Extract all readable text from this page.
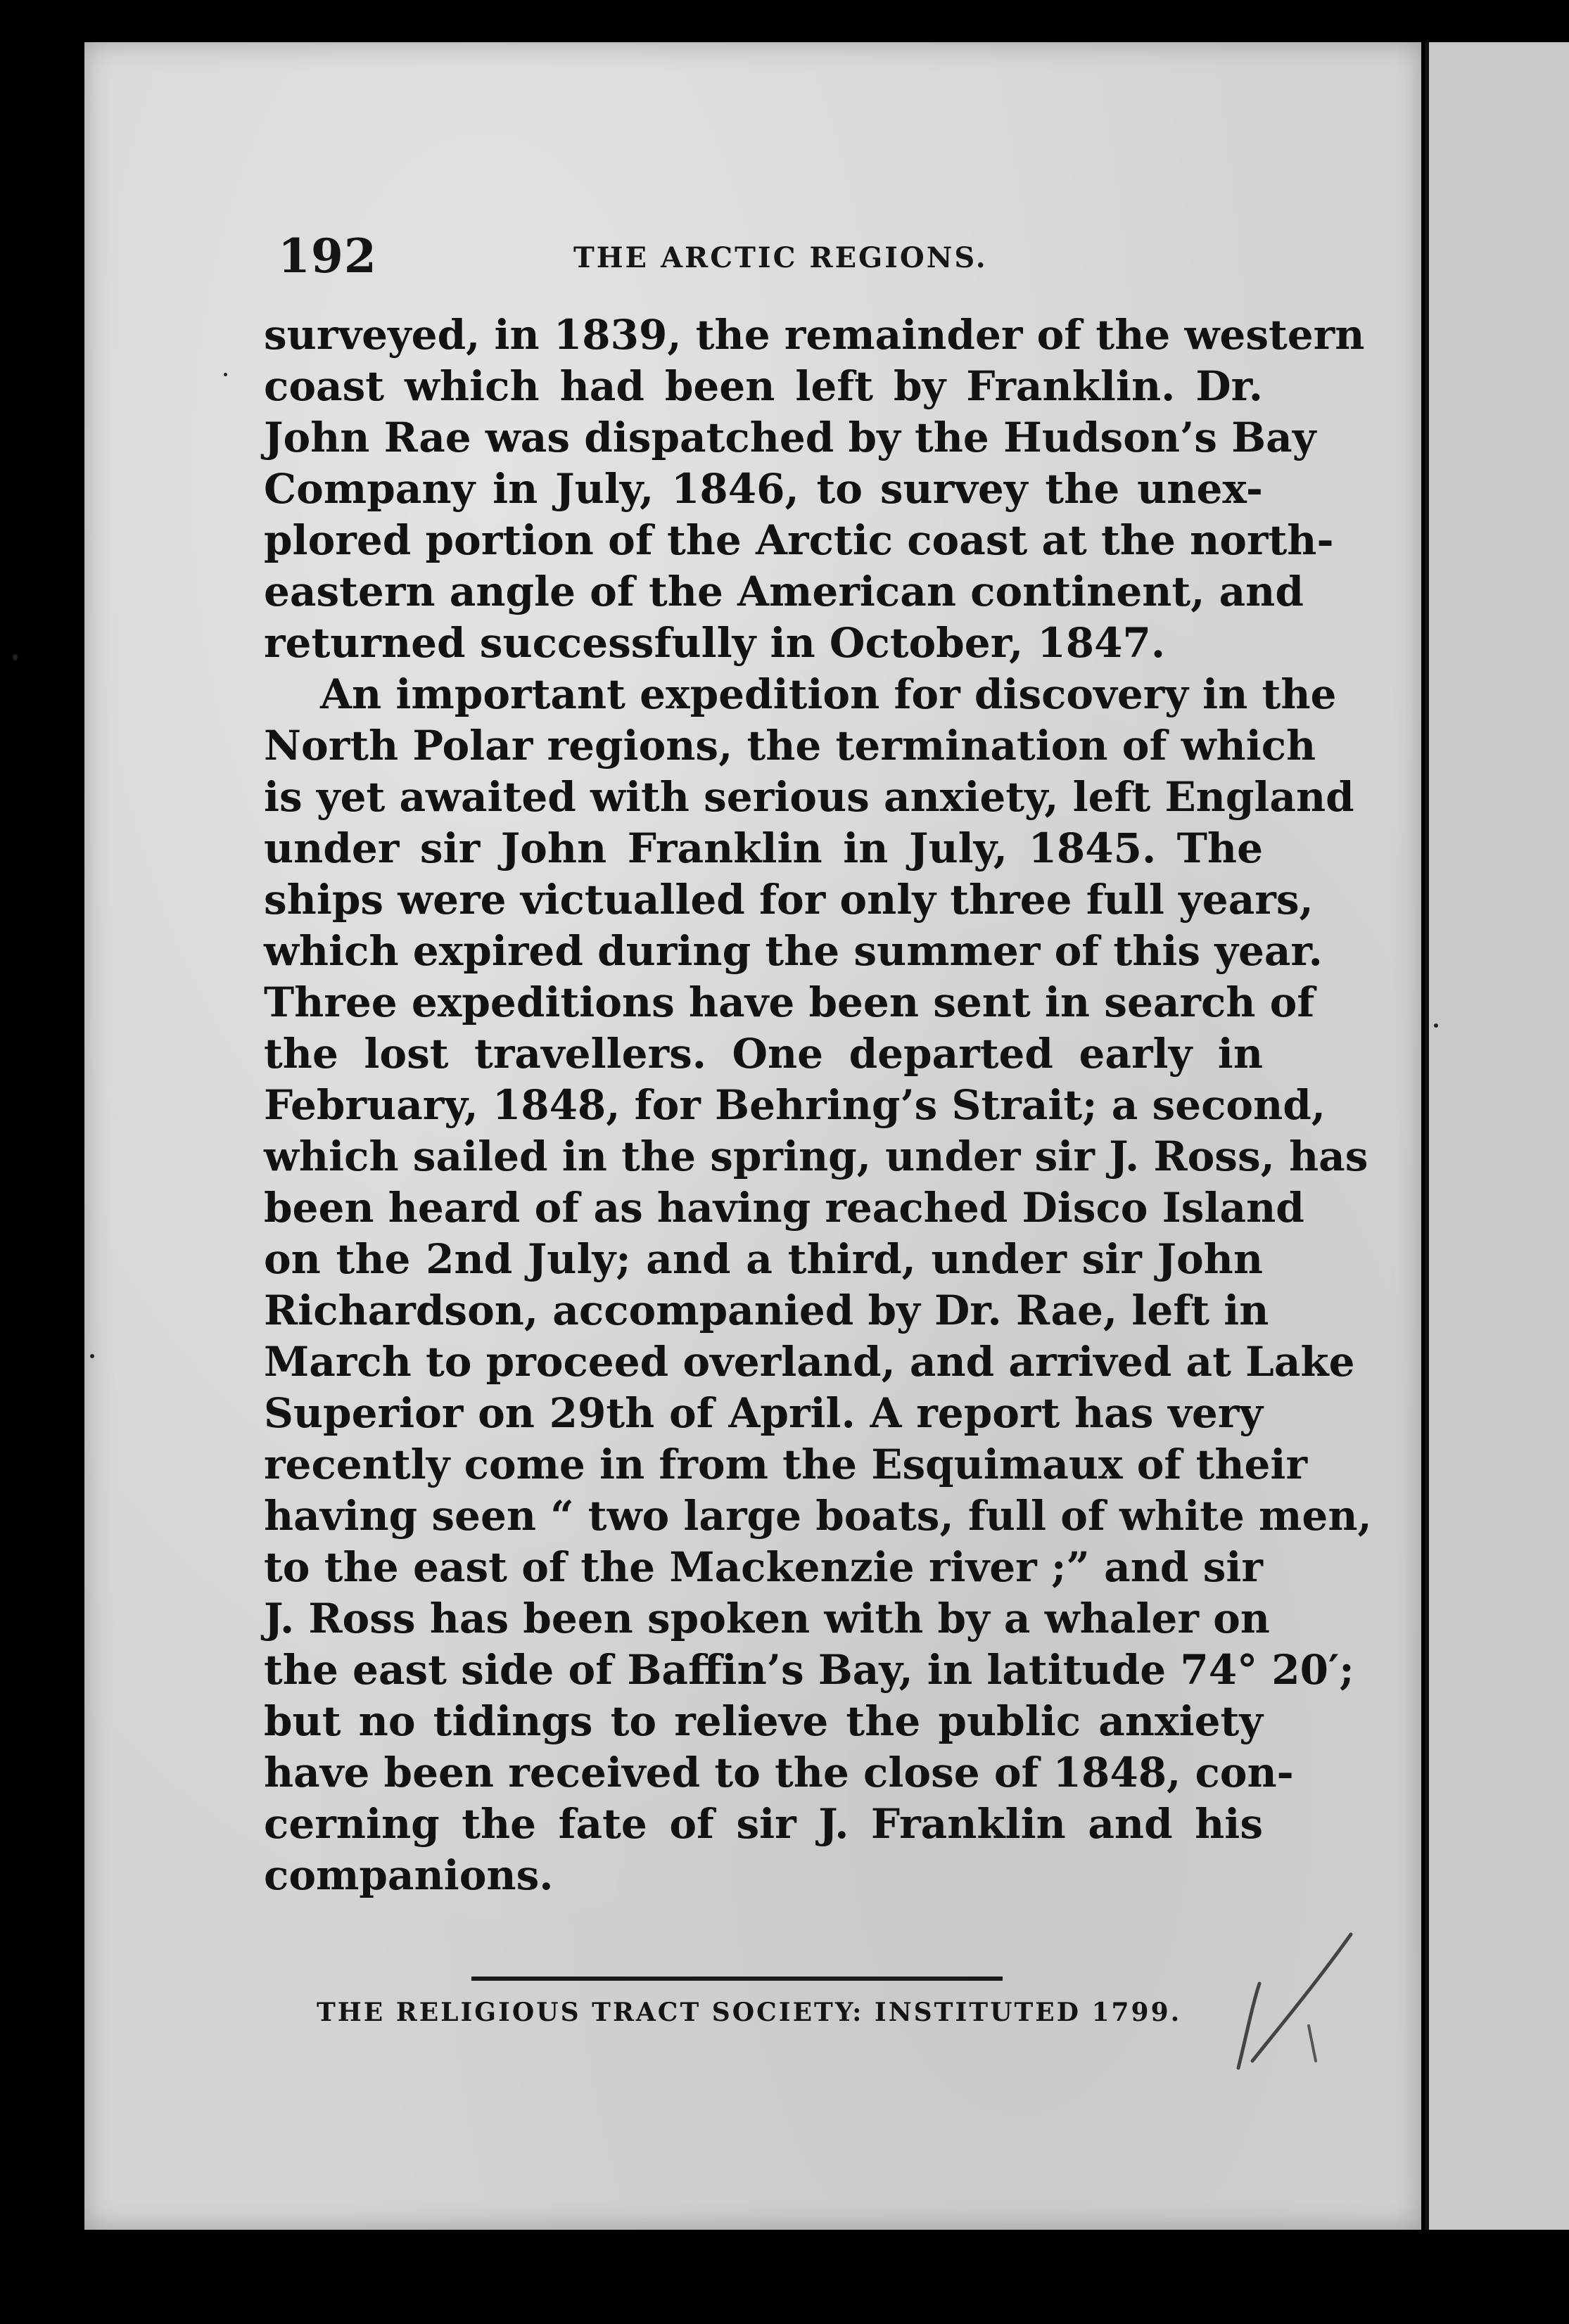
192	THE ARCTIC REGIONS.
surveyed, in 1839, the remainder of the western
coast which had been left by Franklin. Dr.
John Rae was dispatched by the Hudson’s Bay
Company in July, 1846, to survey the unex-
plored portion of the Arctic coast at the north-
eastern angle of the American continent, and
returned successfully in October, 1847.
An important expedition for discovery in the
North Polar regions, the termination of which
is yet awaited with serious anxiety, left England
under sir John Franklin in July, 1845. The
ships were victualled for only three full years,
which expired during the summer of this year.
Three expeditions have been sent in search of
the lost travellers. One departed early in
February, 1848, for Behring’s Strait; a second,
which sailed in the spring, under sir J. Ross, has
been heard of as having reached Disco Island
on the 2nd July; and a third, under sir John
Richardson, accompanied by Dr. Rae, left in
March to proceed overland, and arrived at Lake
Superior on 29th of April. A report has very
recently come in from the Esquimaux of their
having seen “ two large boats, full of white men,
to the east of the Mackenzie river ;” and sir
J. Ross has been spoken with by a whaler on
the east side of Baffin’s Bay, in latitude 74° 20′;
but no tidings to relieve the public anxiety
have been received to the close of 1848, con-
cerning the fate of sir J. Franklin and his
companions.
THE RELIGIOUS TRACT SOCIETY: INSTITUTED 1799.
